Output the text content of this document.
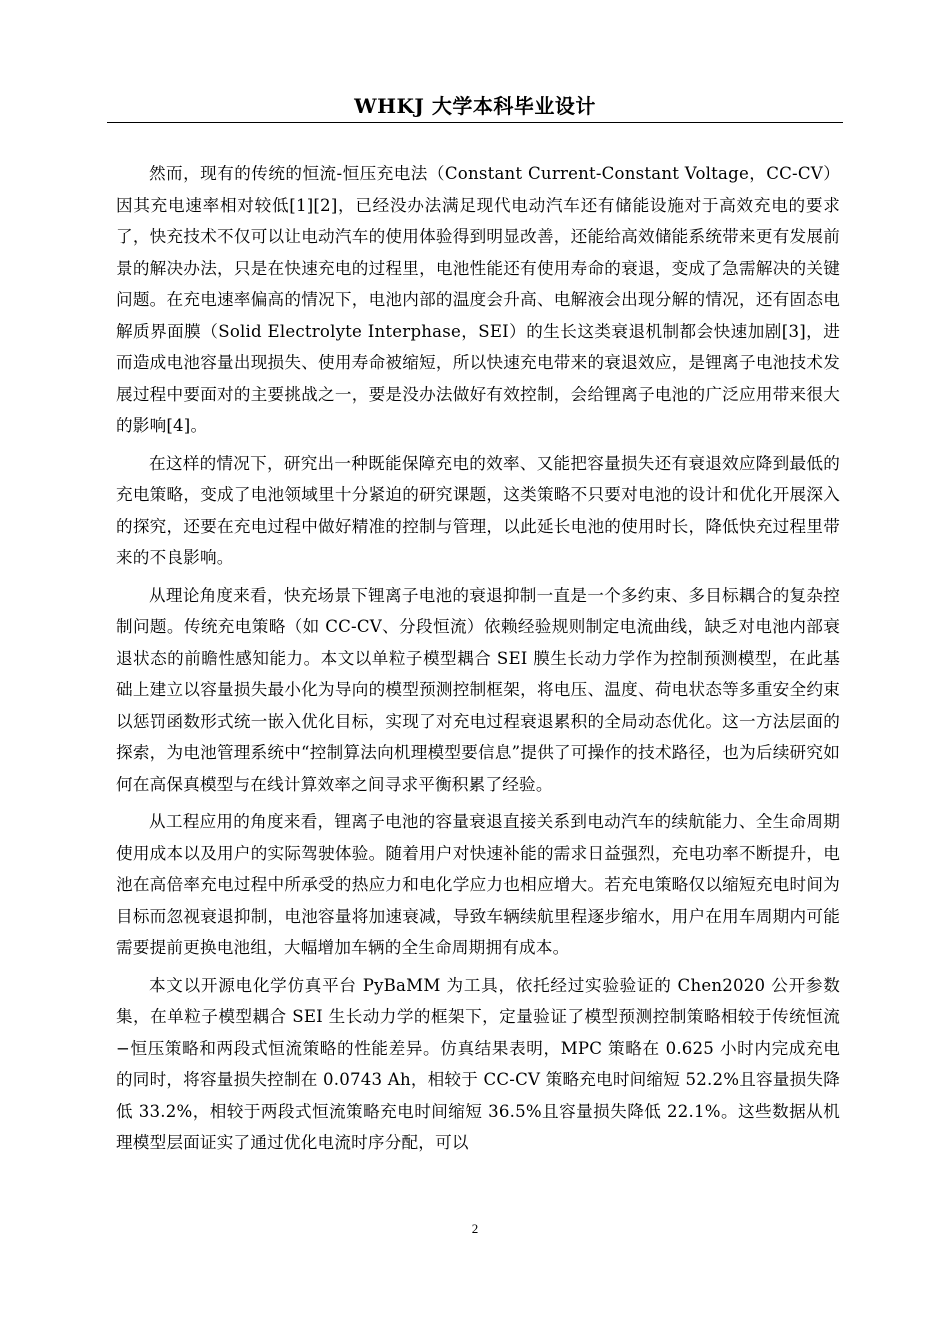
WHKJ 大学本科毕业设计

然而，现有的传统的恒流-恒压充电法（Constant Current-Constant Voltage，CC-CV）因其充电速率相对较低[1][2]，已经没办法满足现代电动汽车还有储能设施对于高效充电的要求了，快充技术不仅可以让电动汽车的使用体验得到明显改善，还能给高效储能系统带来更有发展前景的解决办法，只是在快速充电的过程里，电池性能还有使用寿命的衰退，变成了急需解决的关键问题。在充电速率偏高的情况下，电池内部的温度会升高、电解液会出现分解的情况，还有固态电解质界面膜（Solid Electrolyte Interphase，SEI）的生长这类衰退机制都会快速加剧[3]，进而造成电池容量出现损失、使用寿命被缩短，所以快速充电带来的衰退效应，是锂离子电池技术发展过程中要面对的主要挑战之一，要是没办法做好有效控制，会给锂离子电池的广泛应用带来很大的影响[4]。

在这样的情况下，研究出一种既能保障充电的效率、又能把容量损失还有衰退效应降到最低的充电策略，变成了电池领域里十分紧迫的研究课题，这类策略不只要对电池的设计和优化开展深入的探究，还要在充电过程中做好精准的控制与管理，以此延长电池的使用时长，降低快充过程里带来的不良影响。

从理论角度来看，快充场景下锂离子电池的衰退抑制一直是一个多约束、多目标耦合的复杂控制问题。传统充电策略（如 CC-CV、分段恒流）依赖经验规则制定电流曲线，缺乏对电池内部衰退状态的前瞻性感知能力。本文以单粒子模型耦合 SEI 膜生长动力学作为控制预测模型，在此基础上建立以容量损失最小化为导向的模型预测控制框架，将电压、温度、荷电状态等多重安全约束以惩罚函数形式统一嵌入优化目标，实现了对充电过程衰退累积的全局动态优化。这一方法层面的探索，为电池管理系统中“控制算法向机理模型要信息”提供了可操作的技术路径，也为后续研究如何在高保真模型与在线计算效率之间寻求平衡积累了经验。

从工程应用的角度来看，锂离子电池的容量衰退直接关系到电动汽车的续航能力、全生命周期使用成本以及用户的实际驾驶体验。随着用户对快速补能的需求日益强烈，充电功率不断提升，电池在高倍率充电过程中所承受的热应力和电化学应力也相应增大。若充电策略仅以缩短充电时间为目标而忽视衰退抑制，电池容量将加速衰减，导致车辆续航里程逐步缩水，用户在用车周期内可能需要提前更换电池组，大幅增加车辆的全生命周期拥有成本。

本文以开源电化学仿真平台 PyBaMM 为工具，依托经过实验验证的 Chen2020 公开参数集，在单粒子模型耦合 SEI 生长动力学的框架下，定量验证了模型预测控制策略相较于传统恒流−恒压策略和两段式恒流策略的性能差异。仿真结果表明，MPC 策略在 0.625 小时内完成充电的同时，将容量损失控制在 0.0743 Ah，相较于 CC-CV 策略充电时间缩短 52.2%且容量损失降低 33.2%，相较于两段式恒流策略充电时间缩短 36.5%且容量损失降低 22.1%。这些数据从机理模型层面证实了通过优化电流时序分配，可以

2
